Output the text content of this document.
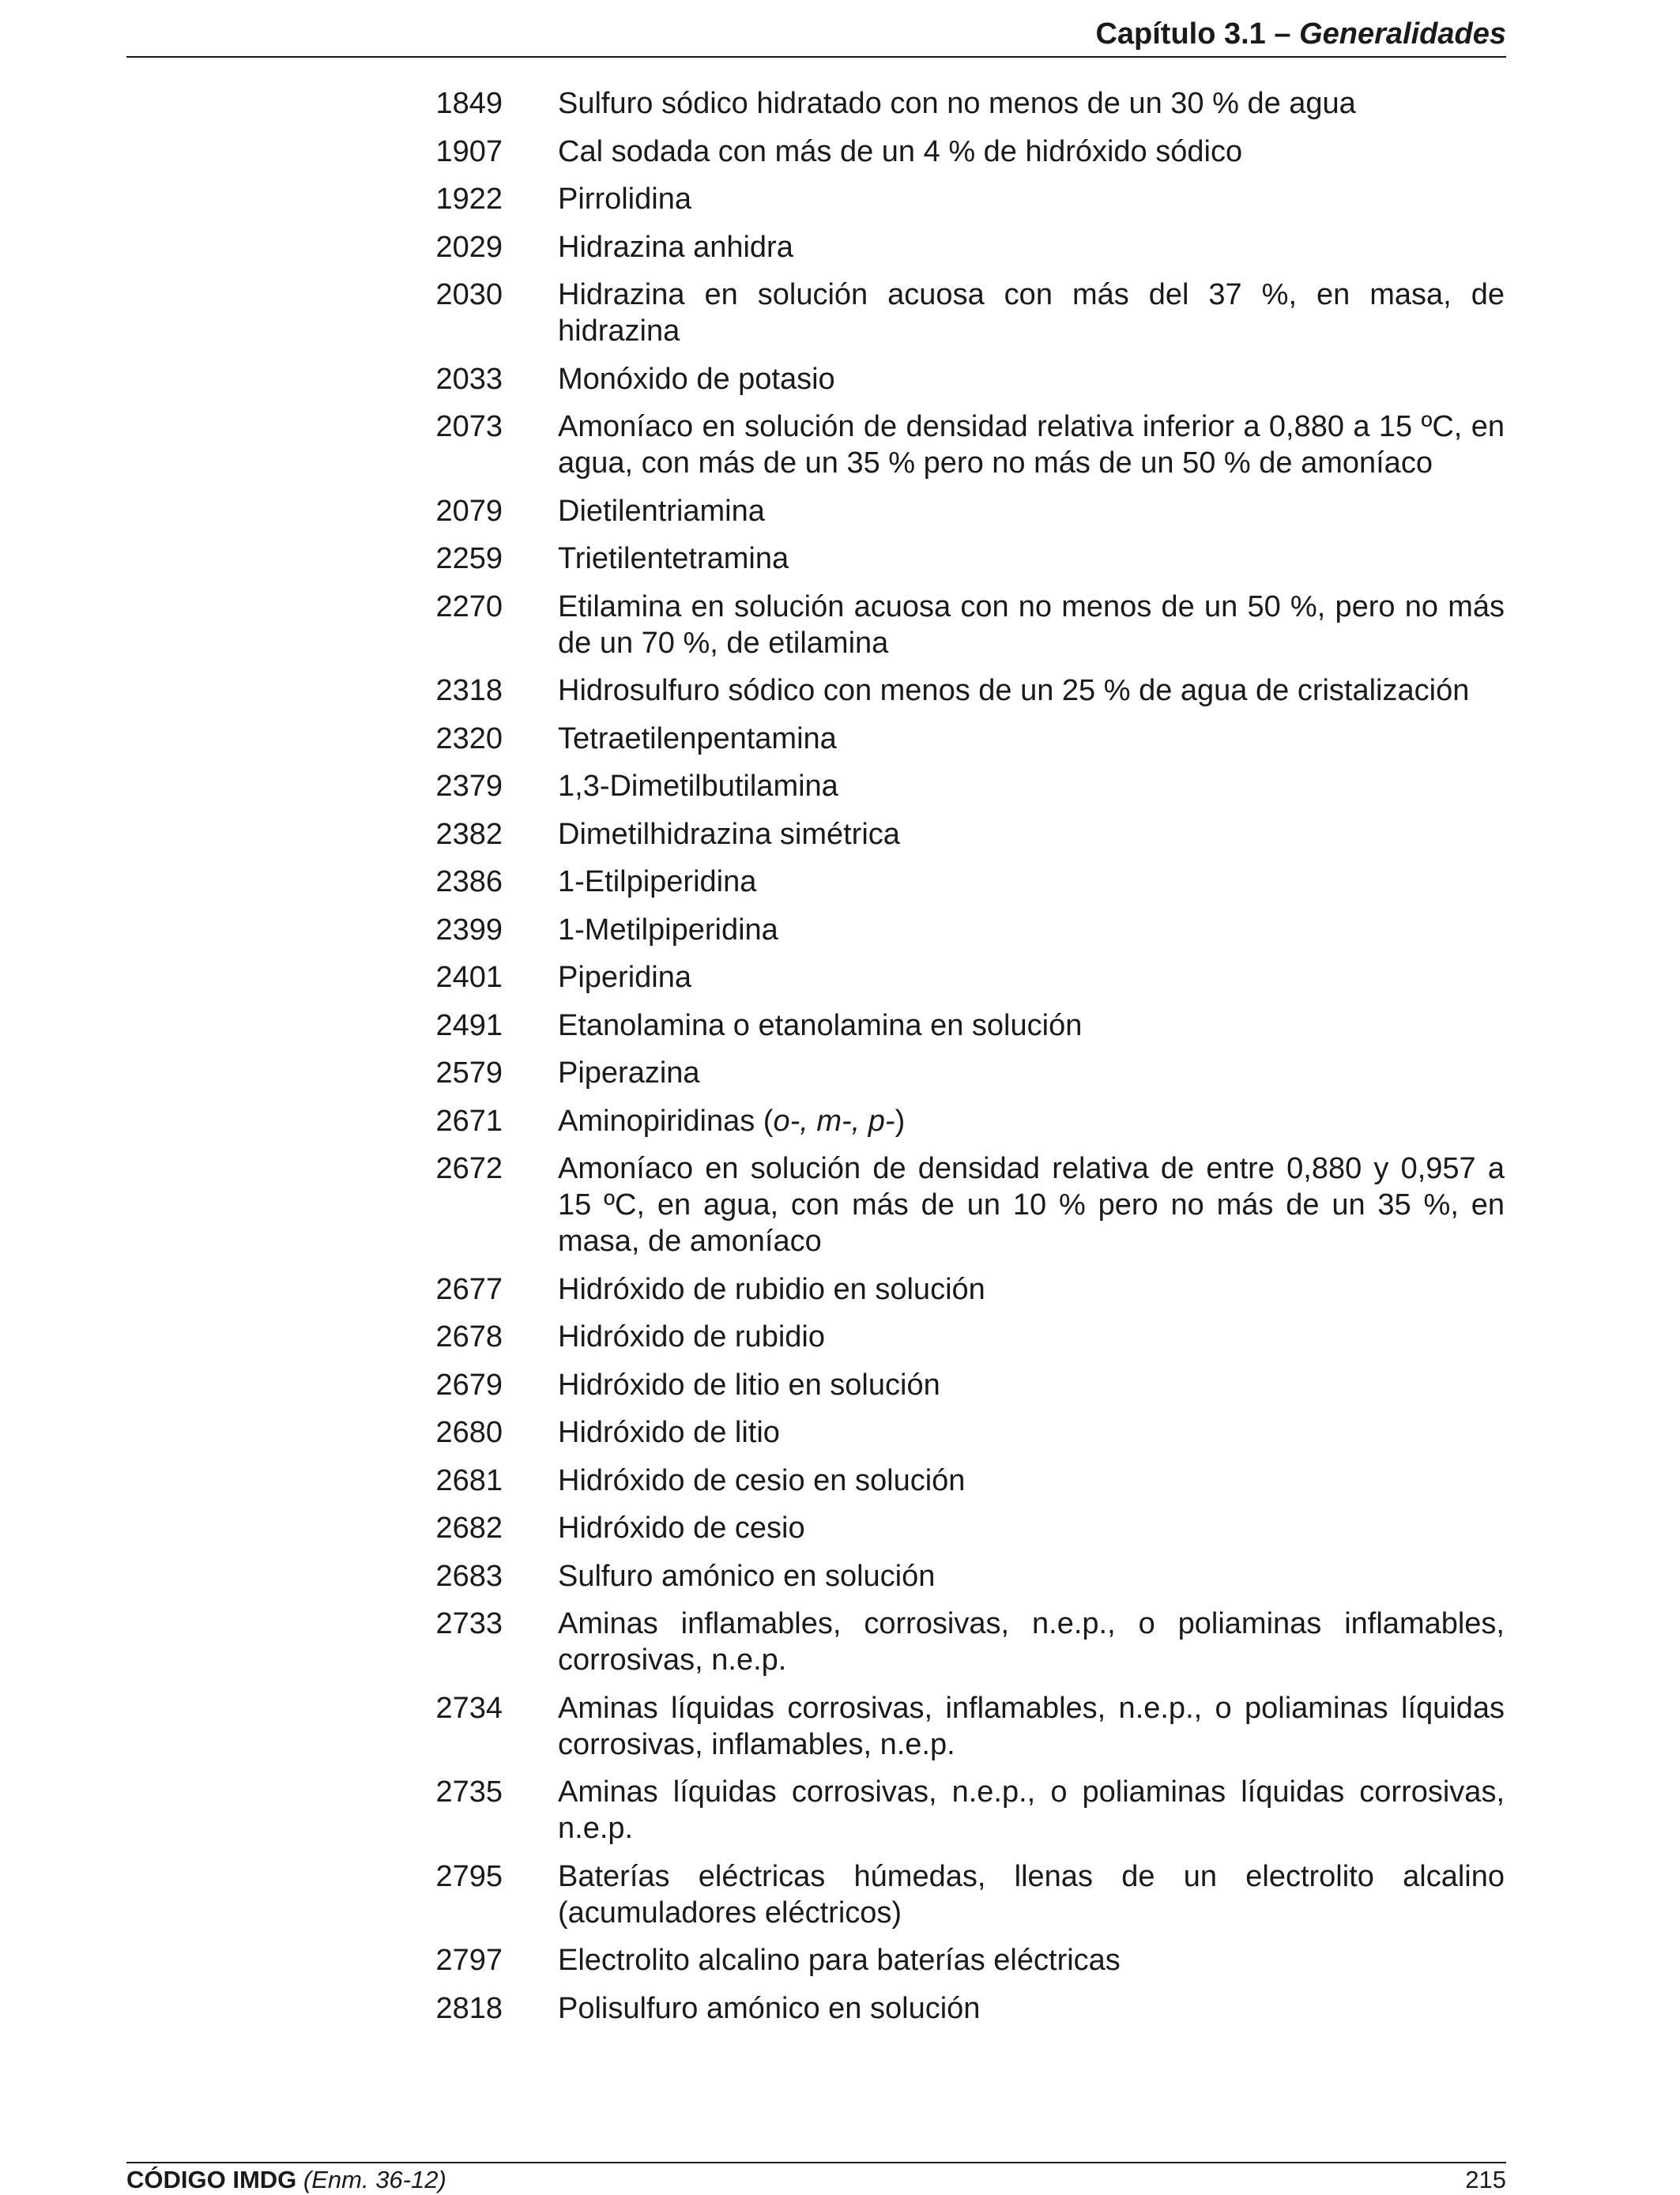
Capítulo 3.1 – Generalidades
1849 Sulfuro sódico hidratado con no menos de un 30 % de agua
1907 Cal sodada con más de un 4 % de hidróxido sódico
1922 Pirrolidina
2029 Hidrazina anhidra
2030 Hidrazina en solución acuosa con más del 37 %, en masa, de hidrazina
2033 Monóxido de potasio
2073 Amoníaco en solución de densidad relativa inferior a 0,880 a 15 ºC, en agua, con más de un 35 % pero no más de un 50 % de amoníaco
2079 Dietilentriamina
2259 Trietilentetramina
2270 Etilamina en solución acuosa con no menos de un 50 %, pero no más de un 70 %, de etilamina
2318 Hidrosulfuro sódico con menos de un 25 % de agua de cristalización
2320 Tetraetilenpentamina
2379 1,3-Dimetilbutilamina
2382 Dimetilhidrazina simétrica
2386 1-Etilpiperidina
2399 1-Metilpiperidina
2401 Piperidina
2491 Etanolamina o etanolamina en solución
2579 Piperazina
2671 Aminopiridinas (o-, m-, p-)
2672 Amoníaco en solución de densidad relativa de entre 0,880 y 0,957 a 15 ºC, en agua, con más de un 10 % pero no más de un 35 %, en masa, de amoníaco
2677 Hidróxido de rubidio en solución
2678 Hidróxido de rubidio
2679 Hidróxido de litio en solución
2680 Hidróxido de litio
2681 Hidróxido de cesio en solución
2682 Hidróxido de cesio
2683 Sulfuro amónico en solución
2733 Aminas inflamables, corrosivas, n.e.p., o poliaminas inflamables, corrosivas, n.e.p.
2734 Aminas líquidas corrosivas, inflamables, n.e.p., o poliaminas líquidas corrosivas, inflamables, n.e.p.
2735 Aminas líquidas corrosivas, n.e.p., o poliaminas líquidas corrosivas, n.e.p.
2795 Baterías eléctricas húmedas, llenas de un electrolito alcalino (acumuladores eléctricos)
2797 Electrolito alcalino para baterías eléctricas
2818 Polisulfuro amónico en solución
CÓDIGO IMDG (Enm. 36-12)	215
